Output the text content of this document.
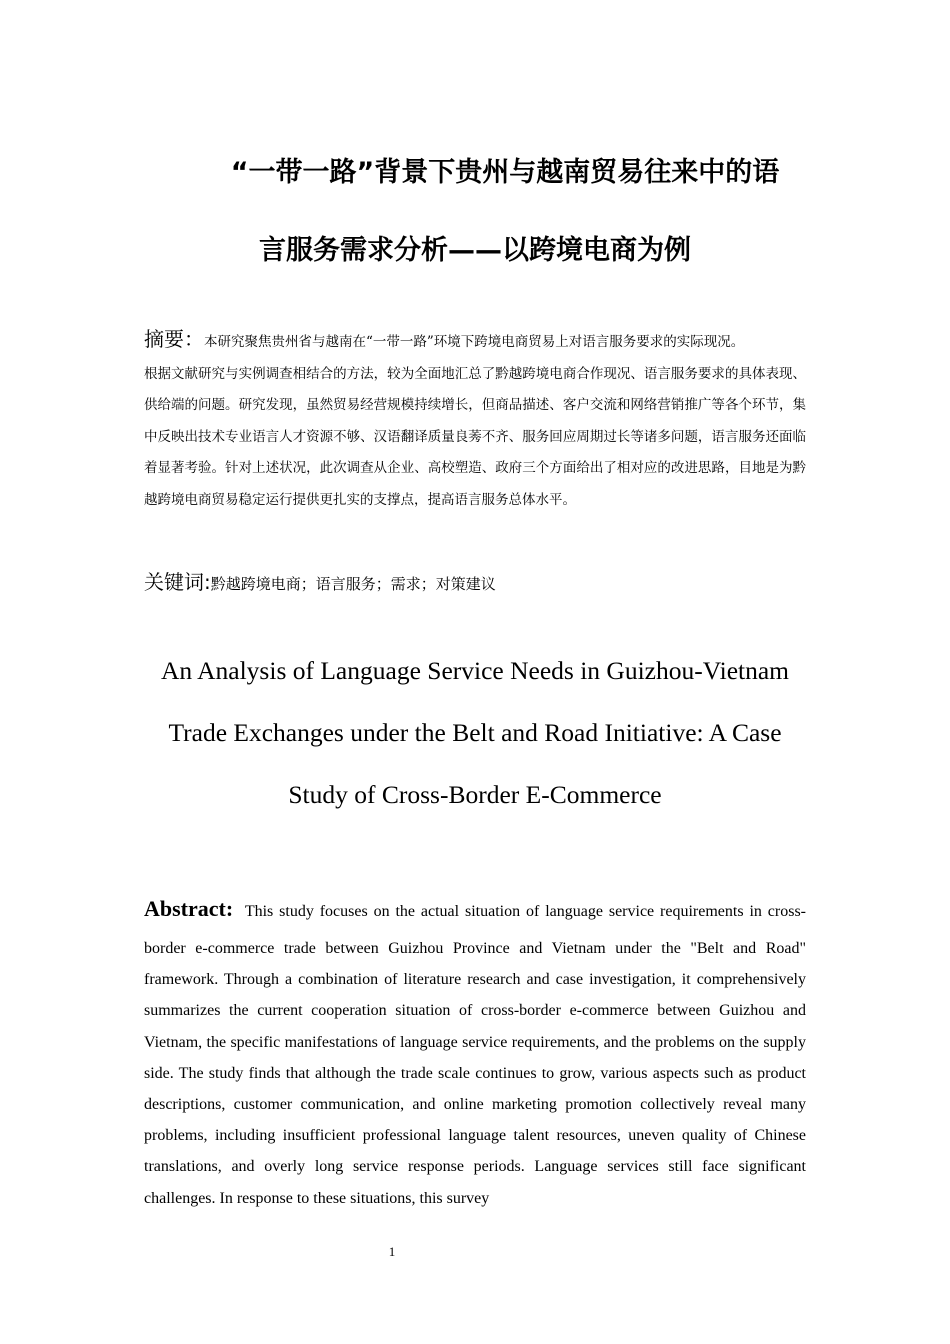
“一带一路”背景下贵州与越南贸易往来中的语
言服务需求分析——以跨境电商为例
摘要：本研究聚焦贵州省与越南在“一带一路”环境下跨境电商贸易上对语言服务要求的实际现况。
根据文献研究与实例调查相结合的方法，较为全面地汇总了黔越跨境电商合作现况、语言服务要求的具体表现、供给端的问题。研究发现，虽然贸易经营规模持续增长，但商品描述、客户交流和网络营销推广等各个环节，集中反映出技术专业语言人才资源不够、汉语翻译质量良莠不齐、服务回应周期过长等诸多问题，语言服务还面临着显著考验。针对上述状况，此次调查从企业、高校塑造、政府三个方面给出了相对应的改进思路，目地是为黔越跨境电商贸易稳定运行提供更扎实的支撑点，提高语言服务总体水平。
关键词:黔越跨境电商；语言服务；需求；对策建议
An Analysis of Language Service Needs in Guizhou-Vietnam
Trade Exchanges under the Belt and Road Initiative: A Case
Study of Cross-Border E-Commerce
Abstract: This study focuses on the actual situation of language service requirements in cross-
border e-commerce trade between Guizhou Province and Vietnam under the "Belt and Road" framework. Through a combination of literature research and case investigation, it comprehensively summarizes the current cooperation situation of cross-border e-commerce between Guizhou and Vietnam, the specific manifestations of language service requirements, and the problems on the supply side. The study finds that although the trade scale continues to grow, various aspects such as product descriptions, customer communication, and online marketing promotion collectively reveal many problems, including insufficient professional language talent resources, uneven quality of Chinese translations, and overly long service response periods. Language services still face significant challenges. In response to these situations, this survey
1
